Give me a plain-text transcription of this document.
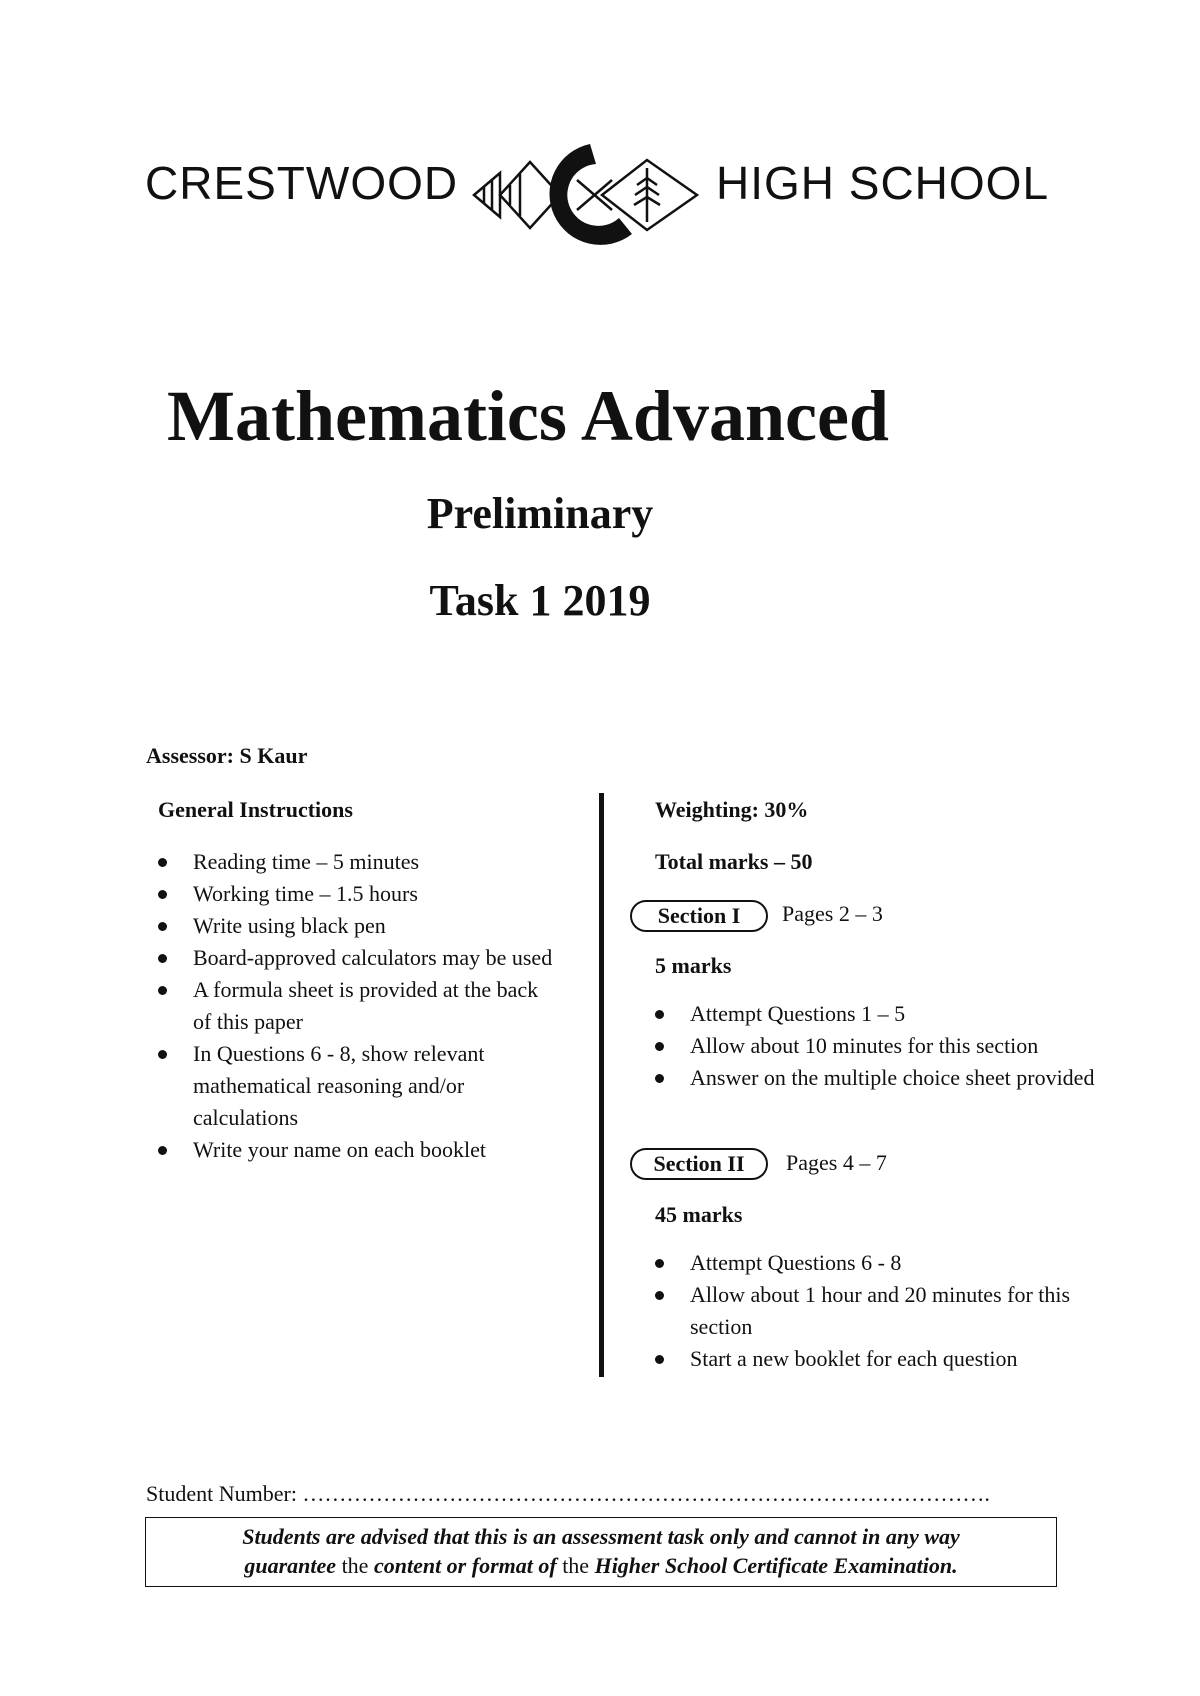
CRESTWOOD	HIGH SCHOOL
Mathematics Advanced
Preliminary
Task 1 2019
Assessor: S Kaur
General Instructions
Reading time – 5 minutes
Working time – 1.5 hours
Write using black pen
Board-approved calculators may be used
A formula sheet is provided at the back of this paper
In Questions 6 - 8, show relevant mathematical reasoning and/or calculations
Write your name on each booklet
Weighting: 30%
Total marks – 50
Section I	Pages 2 – 3
5 marks
Attempt Questions 1 – 5
Allow about 10 minutes for this section
Answer on the multiple choice sheet provided
Section II	Pages 4 – 7
45 marks
Attempt Questions 6 - 8
Allow about 1 hour and 20 minutes for this section
Start a new booklet for each question
Student Number: ………………………………………………………………………………….
Students are advised that this is an assessment task only and cannot in any way
guarantee the content or format of the Higher School Certificate Examination.
